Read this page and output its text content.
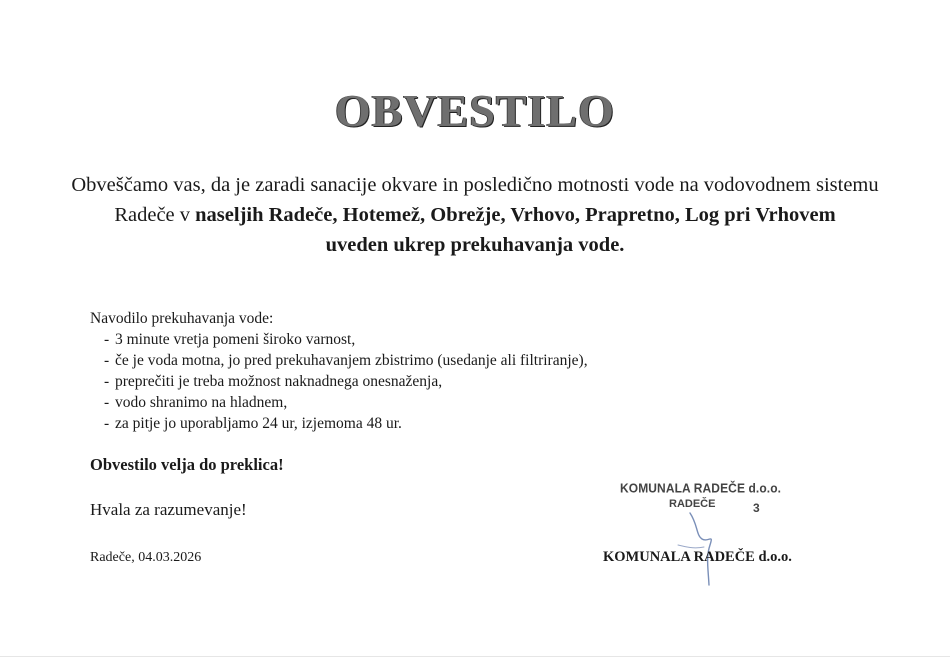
OBVESTILO
Obveščamo vas, da je zaradi sanacije okvare in posledično motnosti vode na vodovodnem sistemu Radeče v naseljih Radeče, Hotemež, Obrežje, Vrhovo, Prapretno, Log pri Vrhovem
uveden ukrep prekuhavanja vode.
Navodilo prekuhavanja vode:
- 3 minute vretja pomeni široko varnost,
- če je voda motna, jo pred prekuhavanjem zbistrimo (usedanje ali filtriranje),
- preprečiti je treba možnost naknadnega onesnaženja,
- vodo shranimo na hladnem,
- za pitje jo uporabljamo 24 ur, izjemoma 48 ur.
Obvestilo velja do preklica!
Hvala za razumevanje!
Radeče, 04.03.2026
KOMUNALA RADEČE d.o.o.
RADEČE	3
KOMUNALA RADEČE d.o.o.
